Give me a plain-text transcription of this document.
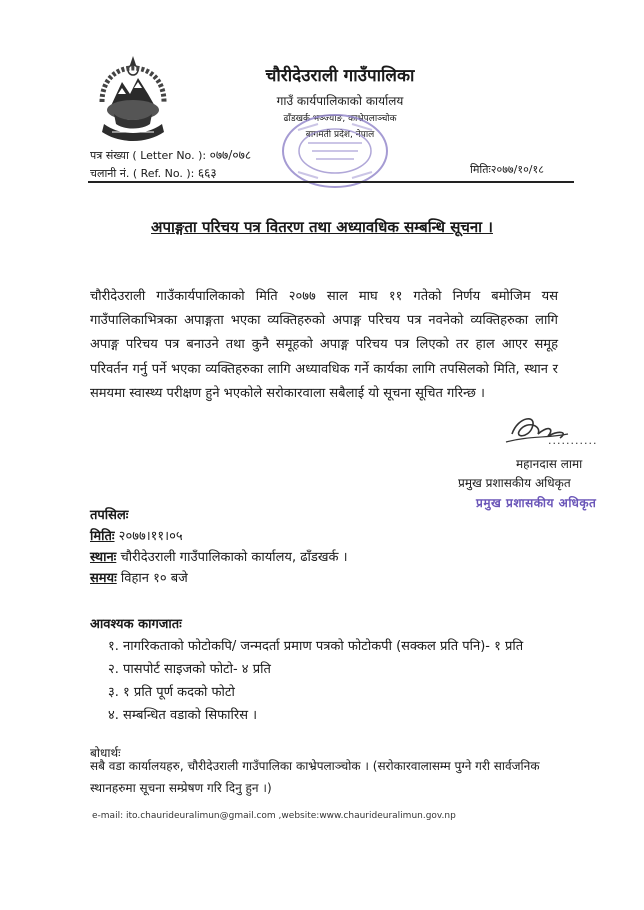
चौरीदेउराली गाउँपालिका
गाउँ कार्यपालिकाको कार्यालय
ढाँडखर्क भञ्ज्याङ, काभ्रेपलाञ्चोक
बागमती प्रदेश, नेपाल
पत्र संख्या ( Letter No. ): ०७७/०७८
चलानी नं. ( Ref. No. ): ६६३	मितिः२०७७/१०/१८
अपाङ्गता परिचय पत्र वितरण तथा अध्यावधिक सम्बन्धि सूचना ।
चौरीदेउराली गाउँकार्यपालिकाको मिति २०७७ साल माघ ११ गतेको निर्णय बमोजिम यस गाउँपालिकाभित्रका अपाङ्गता भएका व्यक्तिहरुको अपाङ्ग परिचय पत्र नवनेको व्यक्तिहरुका लागि अपाङ्ग परिचय पत्र बनाउने तथा कुनै समूहको अपाङ्ग परिचय पत्र लिएको तर हाल आएर समूह परिवर्तन गर्नु पर्ने भएका व्यक्तिहरुका लागि अध्यावधिक गर्ने कार्यका लागि तपसिलको मिति, स्थान र समयमा स्वास्थ्य परीक्षण हुने भएकोले सरोकारवाला सबैलाई यो सूचना सूचित गरिन्छ ।
...........
महानदास लामा
प्रमुख प्रशासकीय अधिकृत
प्रमुख प्रशासकीय अधिकृत
तपसिलः
मितिः २०७७।११।०५
स्थानः चौरीदेउराली गाउँपालिकाको कार्यालय, ढाँडखर्क ।
समयः विहान १० बजे
आवश्यक कागजातः
१. नागरिकताको फोटोकपि/ जन्मदर्ता प्रमाण पत्रको फोटोकपी (सक्कल प्रति पनि)- १ प्रति
२. पासपोर्ट साइजको फोटो- ४ प्रति
३. १ प्रति पूर्ण कदको फोटो
४. सम्बन्धित वडाको सिफारिस ।
बोधार्थः
सबै वडा कार्यालयहरु, चौरीदेउराली गाउँपालिका काभ्रेपलाञ्चोक । (सरोकारवालासम्म पुग्ने गरी सार्वजनिक स्थानहरुमा सूचना सम्प्रेषण गरि दिनु हुन ।)
e-mail: ito.chaurideuralimun@gmail.com ,website:www.chaurideuralimun.gov.np
